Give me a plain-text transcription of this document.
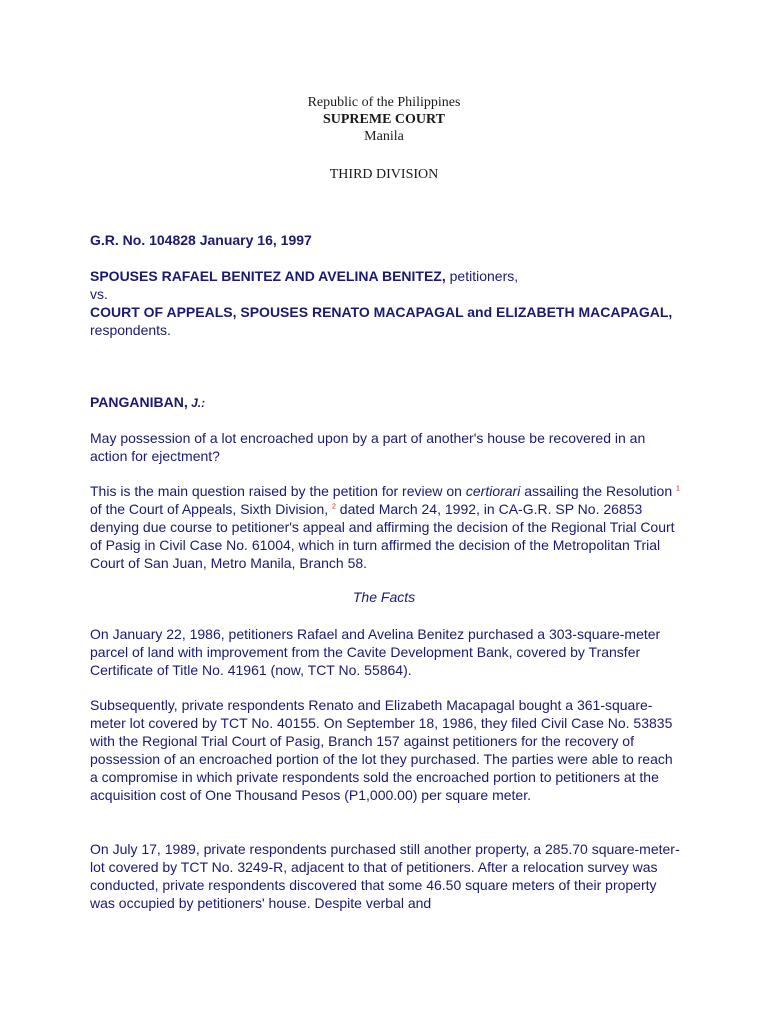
Republic of the Philippines
SUPREME COURT
Manila
THIRD DIVISION
G.R. No. 104828 January 16, 1997
SPOUSES RAFAEL BENITEZ AND AVELINA BENITEZ, petitioners,
vs.
COURT OF APPEALS, SPOUSES RENATO MACAPAGAL and ELIZABETH MACAPAGAL, respondents.
PANGANIBAN, J.:

May possession of a lot encroached upon by a part of another's house be recovered in an action for ejectment?

This is the main question raised by the petition for review on certiorari assailing the Resolution $^1$ of the Court of Appeals, Sixth Division, $^2$ dated March 24, 1992, in CA-G.R. SP No. 26853 denying due course to petitioner's appeal and affirming the decision of the Regional Trial Court of Pasig in Civil Case No. 61004, which in turn affirmed the decision of the Metropolitan Trial Court of San Juan, Metro Manila, Branch 58.

The Facts

On January 22, 1986, petitioners Rafael and Avelina Benitez purchased a 303-square-meter parcel of land with improvement from the Cavite Development Bank, covered by Transfer Certificate of Title No. 41961 (now, TCT No. 55864).

Subsequently, private respondents Renato and Elizabeth Macapagal bought a 361-square-meter lot covered by TCT No. 40155. On September 18, 1986, they filed Civil Case No. 53835 with the Regional Trial Court of Pasig, Branch 157 against petitioners for the recovery of possession of an encroached portion of the lot they purchased. The parties were able to reach a compromise in which private respondents sold the encroached portion to petitioners at the acquisition cost of One Thousand Pesos (P1,000.00) per square meter.

On July 17, 1989, private respondents purchased still another property, a 285.70 square-meter-lot covered by TCT No. 3249-R, adjacent to that of petitioners. After a relocation survey was conducted, private respondents discovered that some 46.50 square meters of their property was occupied by petitioners' house. Despite verbal and
